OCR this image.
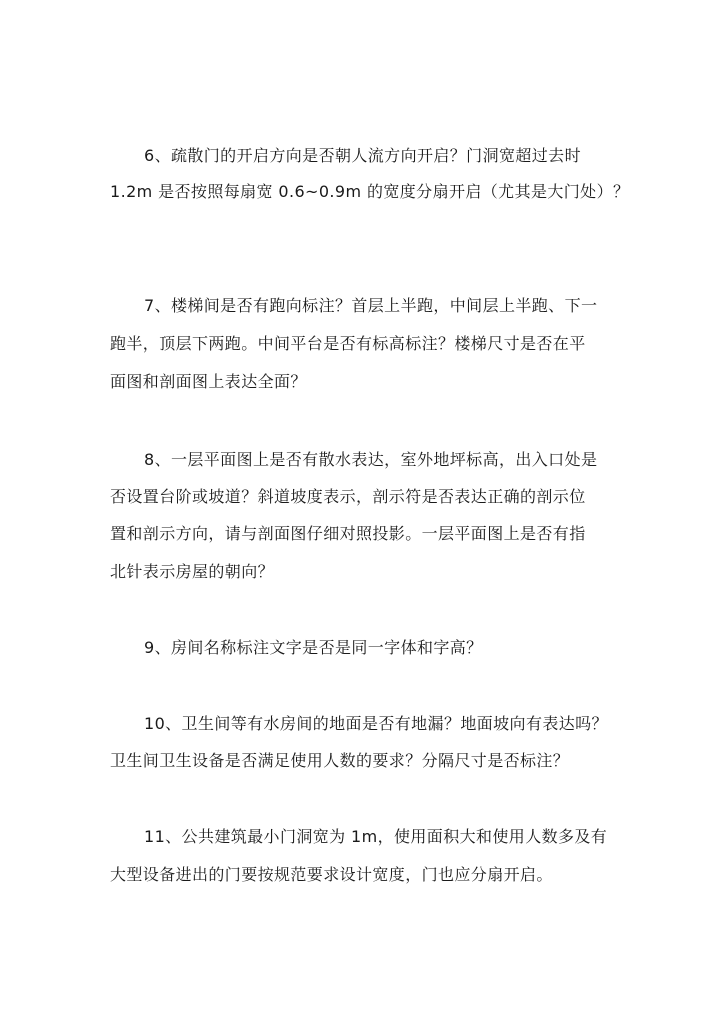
6、疏散门的开启方向是否朝人流方向开启？门洞宽超过去时
1.2m 是否按照每扇宽 0.6~0.9m 的宽度分扇开启（尤其是大门处）？
7、楼梯间是否有跑向标注？首层上半跑，中间层上半跑、下一
跑半，顶层下两跑。中间平台是否有标高标注？楼梯尺寸是否在平
面图和剖面图上表达全面？
8、一层平面图上是否有散水表达，室外地坪标高，出入口处是
否设置台阶或坡道？斜道坡度表示，剖示符是否表达正确的剖示位
置和剖示方向，请与剖面图仔细对照投影。一层平面图上是否有指
北针表示房屋的朝向？
9、房间名称标注文字是否是同一字体和字高？
10、卫生间等有水房间的地面是否有地漏？地面坡向有表达吗？
卫生间卫生设备是否满足使用人数的要求？分隔尺寸是否标注？
11、公共建筑最小门洞宽为 1m，使用面积大和使用人数多及有
大型设备进出的门要按规范要求设计宽度，门也应分扇开启。
